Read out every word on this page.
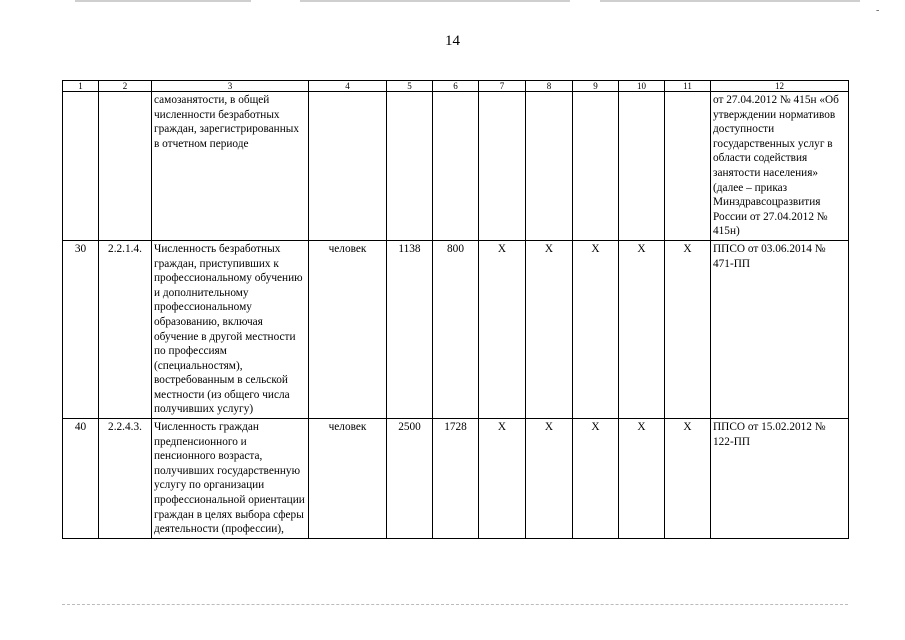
-
14
1	2	3	4	5	6	7	8	9	10	11	12
		самозанятости, в общей численности безработных граждан, зарегистрированных в отчетном периоде									от 27.04.2012 № 415н «Об утверждении нормативов доступности государственных услуг в области содействия занятости населения» (далее – приказ Минздравсоцразвития России от 27.04.2012 № 415н)
30	2.2.1.4.	Численность безработных граждан, приступивших к профессиональному обучению и дополнительному профессиональному образованию, включая обучение в другой местности по профессиям (специальностям), востребованным в сельской местности (из общего числа получивших услугу)	человек	1138	800	X	X	X	X	X	ППСО от 03.06.2014 № 471-ПП
40	2.2.4.3.	Численность граждан предпенсионного и пенсионного возраста, получивших государственную услугу по организации профессиональной ориентации граждан в целях выбора сферы деятельности (профессии),	человек	2500	1728	X	X	X	X	X	ППСО от 15.02.2012 № 122-ПП
